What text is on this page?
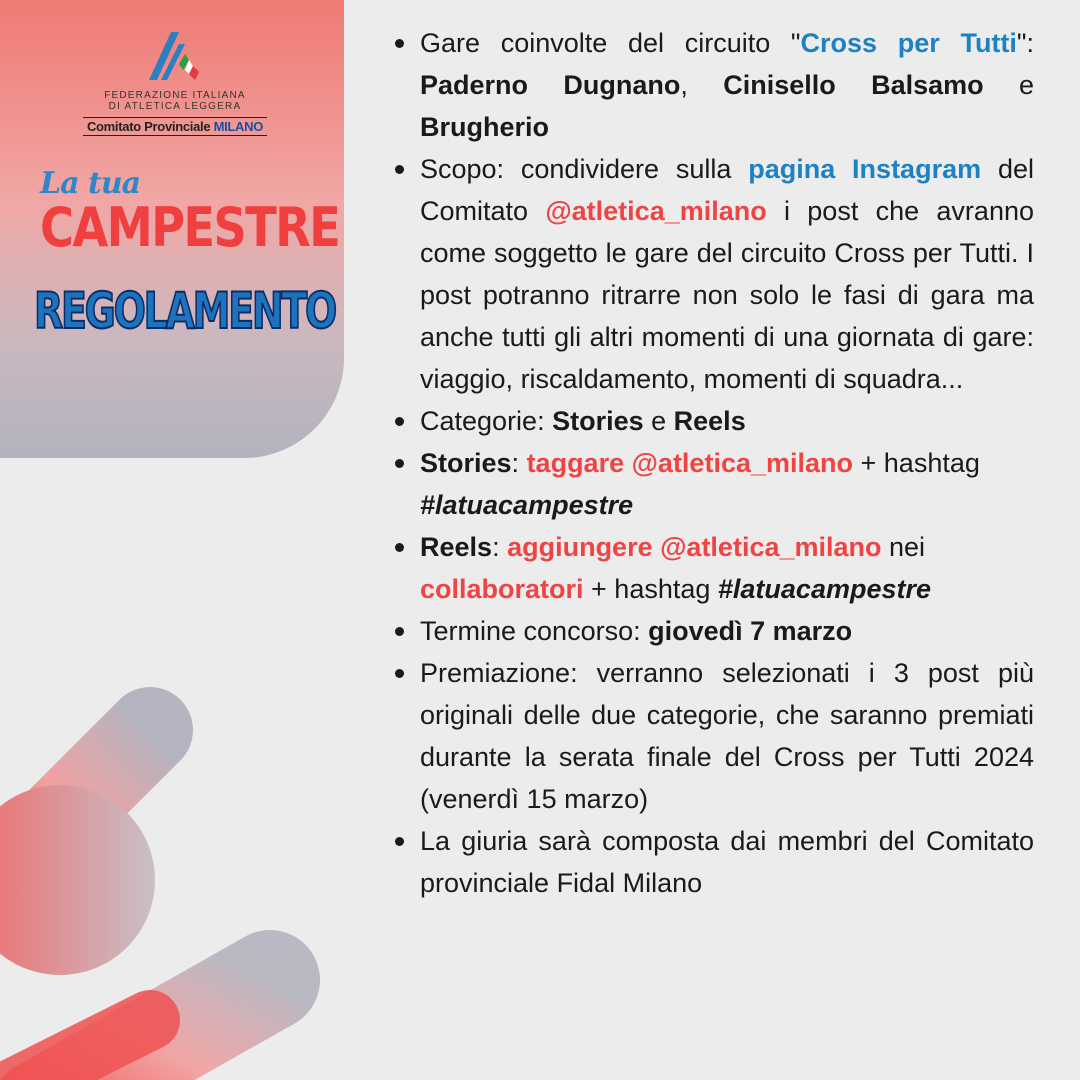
FEDERAZIONE ITALIANA
DI ATLETICA LEGGERA
Comitato Provinciale MILANO
La tua
CAMPESTRE
REGOLAMENTO
Gare coinvolte del circuito "Cross per Tutti": Paderno Dugnano, Cinisello Balsamo e Brugherio
Scopo: condividere sulla pagina Instagram del Comitato @atletica_milano i post che avranno come soggetto le gare del circuito Cross per Tutti. I post potranno ritrarre non solo le fasi di gara ma anche tutti gli altri momenti di una giornata di gare: viaggio, riscaldamento, momenti di squadra...
Categorie: Stories e Reels
Stories: taggare @atletica_milano + hashtag #latuacampestre
Reels: aggiungere @atletica_milano nei collaboratori + hashtag #latuacampestre
Termine concorso: giovedì 7 marzo
Premiazione: verranno selezionati i 3 post più originali delle due categorie, che saranno premiati durante la serata finale del Cross per Tutti 2024 (venerdì 15 marzo)
La giuria sarà composta dai membri del Comitato provinciale Fidal Milano
